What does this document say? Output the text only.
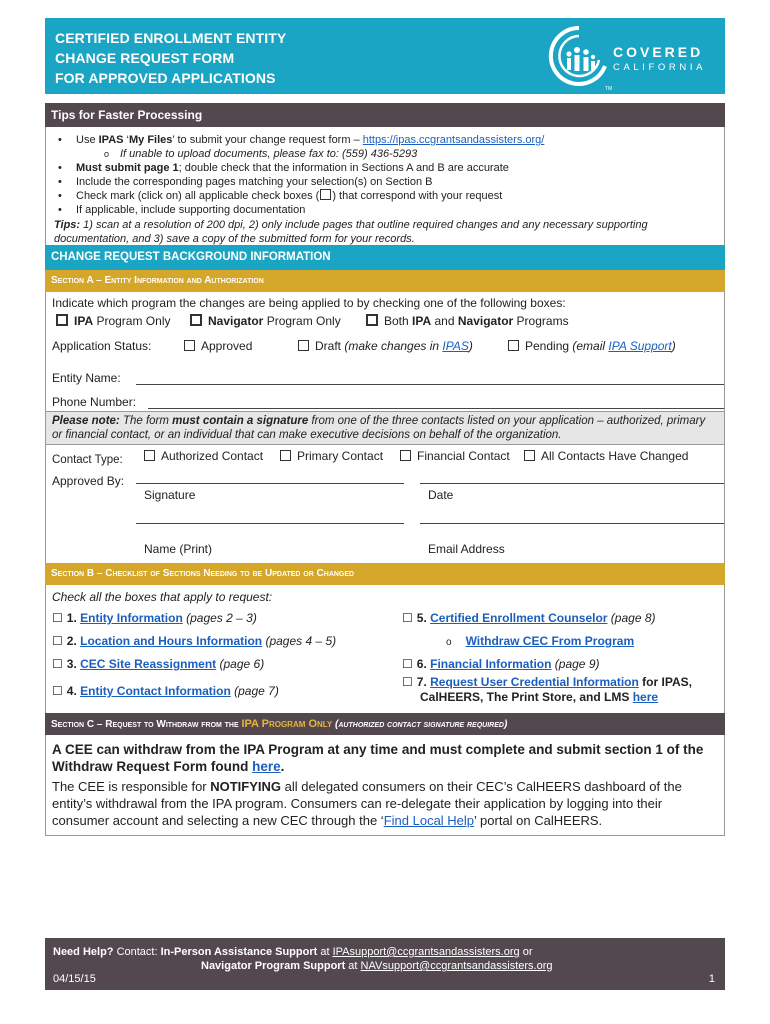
CERTIFIED ENROLLMENT ENTITY
CHANGE REQUEST FORM
FOR APPROVED APPLICATIONS
COVERED
CALIFORNIA
TM
Tips for Faster Processing
• Use IPAS ‘My Files’ to submit your change request form – https://ipas.ccgrantsandassisters.org/
o If unable to upload documents, please fax to: (559) 436-5293
• Must submit page 1; double check that the information in Sections A and B are accurate
• Include the corresponding pages matching your selection(s) on Section B
• Check mark (click on) all applicable check boxes ( ) that correspond with your request
• If applicable, include supporting documentation
Tips: 1) scan at a resolution of 200 dpi, 2) only include pages that outline required changes and any necessary supporting documentation, and 3) save a copy of the submitted form for your records.
CHANGE REQUEST BACKGROUND INFORMATION
Section A – Entity Information and Authorization
Indicate which program the changes are being applied to by checking one of the following boxes:
IPA Program Only	Navigator Program Only	Both IPA and Navigator Programs
Application Status:	Approved	Draft (make changes in IPAS)	Pending (email IPA Support)
Entity Name:
Phone Number:
Please note: The form must contain a signature from one of the three contacts listed on your application – authorized, primary or financial contact, or an individual that can make executive decisions on behalf of the organization.
Contact Type:	Authorized Contact	Primary Contact	Financial Contact	All Contacts Have Changed
Approved By:
Signature	Date
Name (Print)	Email Address
Section B – Checklist of Sections Needing to be Updated or Changed
Check all the boxes that apply to request:
☐ 1. Entity Information (pages 2 – 3)
☐ 2. Location and Hours Information (pages 4 – 5)
☐ 3. CEC Site Reassignment (page 6)
☐ 4. Entity Contact Information (page 7)
☐ 5. Certified Enrollment Counselor (page 8)
o Withdraw CEC From Program
☐ 6. Financial Information (page 9)
☐ 7. Request User Credential Information for IPAS,
CalHEERS, The Print Store, and LMS here
Section C – Request to Withdraw from the IPA Program Only (authorized contact signature required)
A CEE can withdraw from the IPA Program at any time and must complete and submit section 1 of the Withdraw Request Form found here.
The CEE is responsible for NOTIFYING all delegated consumers on their CEC’s CalHEERS dashboard of the entity’s withdrawal from the IPA program. Consumers can re-delegate their application by logging into their consumer account and selecting a new CEC through the ‘Find Local Help’ portal on CalHEERS.
Need Help? Contact: In-Person Assistance Support at IPAsupport@ccgrantsandassisters.org or
Navigator Program Support at NAVsupport@ccgrantsandassisters.org
04/15/15	1
